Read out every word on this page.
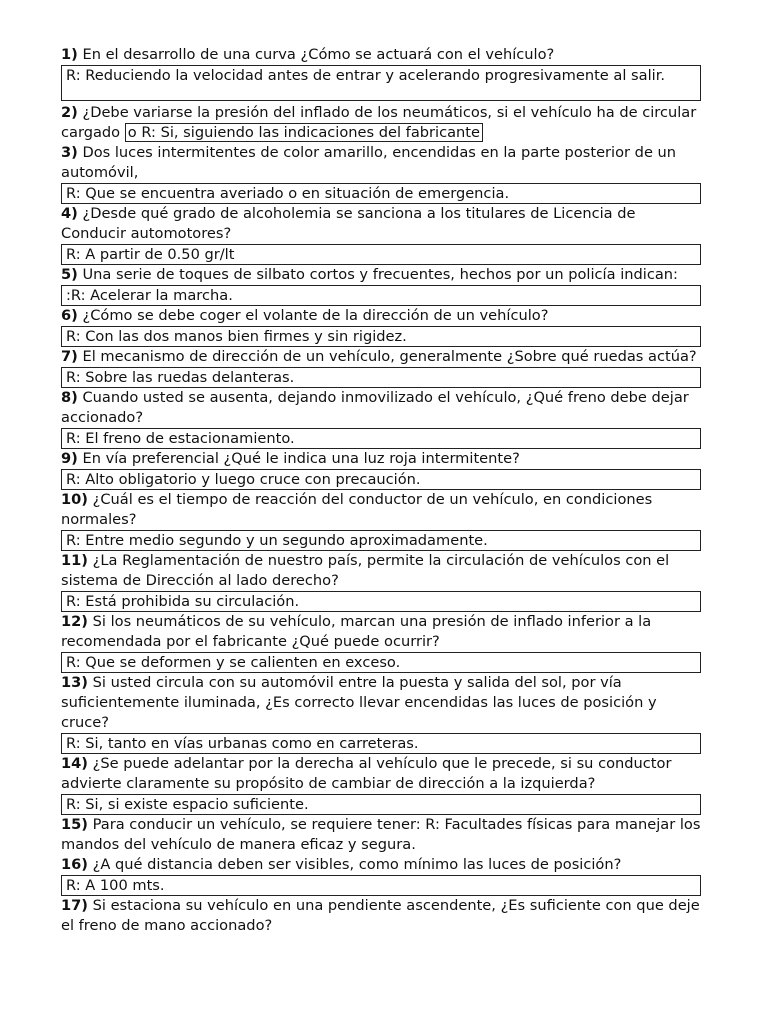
1) En el desarrollo de una curva ¿Cómo se actuará con el vehículo?

R: Reduciendo la velocidad antes de entrar y acelerando progresivamente al salir.

2) ¿Debe variarse la presión del inflado de los neumáticos, si el vehículo ha de circular cargado o R: Si, siguiendo las indicaciones del fabricante

3) Dos luces intermitentes de color amarillo, encendidas en la parte posterior de un automóvil,

R: Que se encuentra averiado o en situación de emergencia.

4) ¿Desde qué grado de alcoholemia se sanciona a los titulares de Licencia de Conducir automotores?

R: A partir de 0.50 gr/lt

5) Una serie de toques de silbato cortos y frecuentes, hechos por un policía indican:

:R: Acelerar la marcha.

6) ¿Cómo se debe coger el volante de la dirección de un vehículo?

R: Con las dos manos bien firmes y sin rigidez.

7) El mecanismo de dirección de un vehículo, generalmente ¿Sobre qué ruedas actúa?

R: Sobre las ruedas delanteras.

8) Cuando usted se ausenta, dejando inmovilizado el vehículo, ¿Qué freno debe dejar accionado?

R: El freno de estacionamiento.

9) En vía preferencial ¿Qué le indica una luz roja intermitente?

R: Alto obligatorio y luego cruce con precaución.

10) ¿Cuál es el tiempo de reacción del conductor de un vehículo, en condiciones normales?

R: Entre medio segundo y un segundo aproximadamente.

11) ¿La Reglamentación de nuestro país, permite la circulación de vehículos con el sistema de Dirección al lado derecho?

R: Está prohibida su circulación.

12) Si los neumáticos de su vehículo, marcan una presión de inflado inferior a la recomendada por el fabricante ¿Qué puede ocurrir?

R: Que se deformen y se calienten en exceso.

13) Si usted circula con su automóvil entre la puesta y salida del sol, por vía suficientemente iluminada, ¿Es correcto llevar encendidas las luces de posición y cruce?

R: Si, tanto en vías urbanas como en carreteras.

14) ¿Se puede adelantar por la derecha al vehículo que le precede, si su conductor advierte claramente su propósito de cambiar de dirección a la izquierda?

R: Si, si existe espacio suficiente.

15) Para conducir un vehículo, se requiere tener: R: Facultades físicas para manejar los mandos del vehículo de manera eficaz y segura.

16) ¿A qué distancia deben ser visibles, como mínimo las luces de posición?

R: A 100 mts.

17) Si estaciona su vehículo en una pendiente ascendente, ¿Es suficiente con que deje el freno de mano accionado?
